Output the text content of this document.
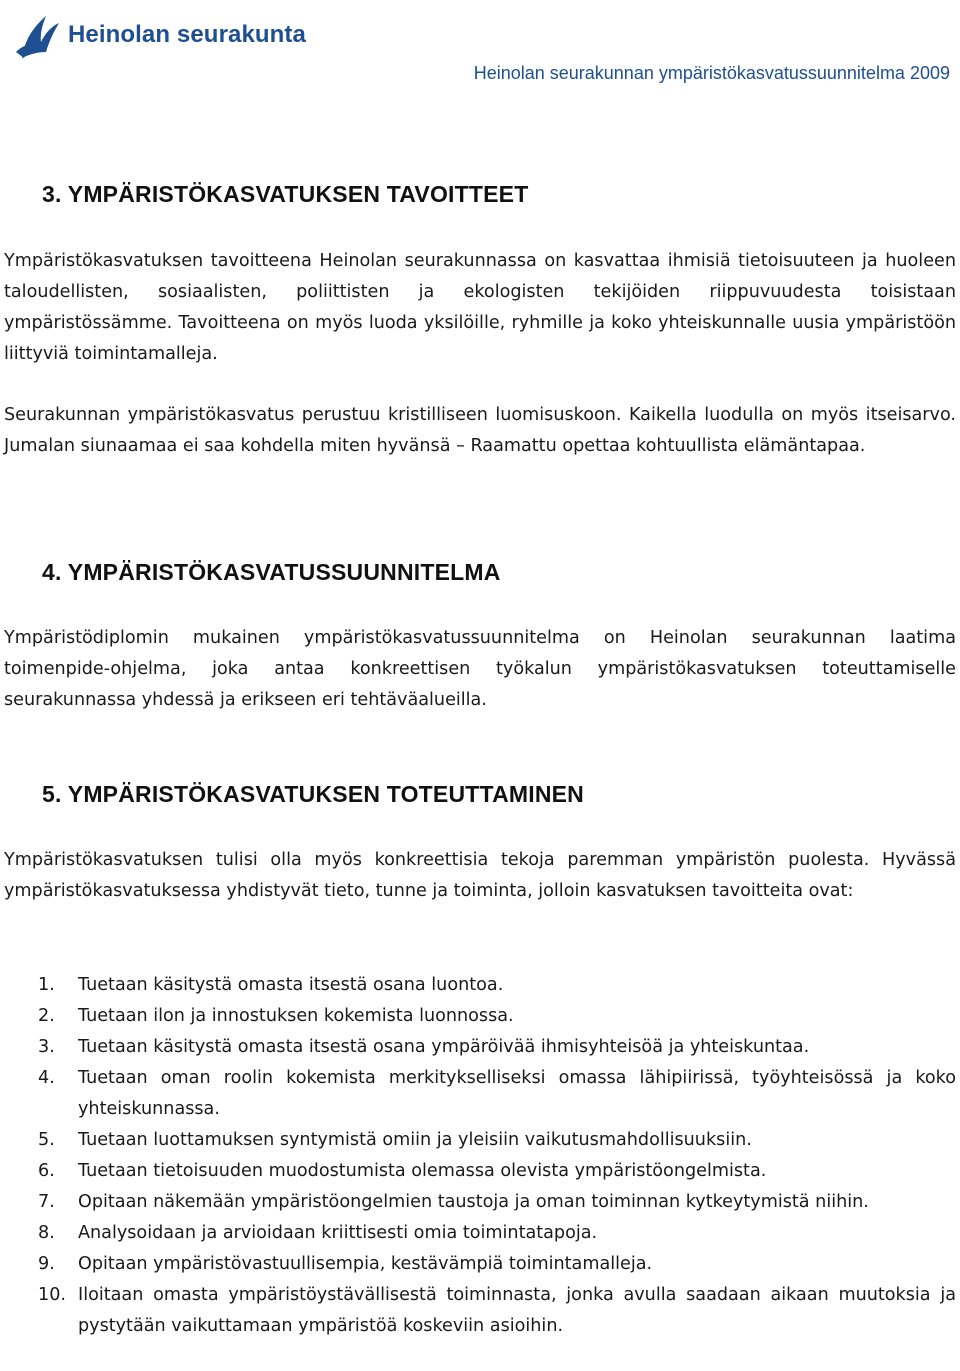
Heinolan seurakunta
Heinolan seurakunnan ympäristökasvatussuunnitelma 2009
3. YMPÄRISTÖKASVATUKSEN TAVOITTEET

Ympäristökasvatuksen tavoitteena Heinolan seurakunnassa on kasvattaa ihmisiä tietoisuuteen ja huoleen taloudellisten, sosiaalisten, poliittisten ja ekologisten tekijöiden riippuvuudesta toisistaan ympäristössämme. Tavoitteena on myös luoda yksilöille, ryhmille ja koko yhteiskunnalle uusia ympäristöön liittyviä toimintamalleja.

Seurakunnan ympäristökasvatus perustuu kristilliseen luomisuskoon. Kaikella luodulla on myös itseisarvo. Jumalan siunaamaa ei saa kohdella miten hyvänsä – Raamattu opettaa kohtuullista elämäntapaa.

4. YMPÄRISTÖKASVATUSSUUNNITELMA

Ympäristödiplomin mukainen ympäristökasvatussuunnitelma on Heinolan seurakunnan laatima toimenpide-ohjelma, joka antaa konkreettisen työkalun ympäristökasvatuksen toteuttamiselle seurakunnassa yhdessä ja erikseen eri tehtäväalueilla.

5. YMPÄRISTÖKASVATUKSEN TOTEUTTAMINEN

Ympäristökasvatuksen tulisi olla myös konkreettisia tekoja paremman ympäristön puolesta. Hyvässä ympäristökasvatuksessa yhdistyvät tieto, tunne ja toiminta, jolloin kasvatuksen tavoitteita ovat:

1. Tuetaan käsitystä omasta itsestä osana luontoa.
2. Tuetaan ilon ja innostuksen kokemista luonnossa.
3. Tuetaan käsitystä omasta itsestä osana ympäröivää ihmisyhteisöä ja yhteiskuntaa.
4. Tuetaan oman roolin kokemista merkitykselliseksi omassa lähipiirissä, työyhteisössä ja koko yhteiskunnassa.
5. Tuetaan luottamuksen syntymistä omiin ja yleisiin vaikutusmahdollisuuksiin.
6. Tuetaan tietoisuuden muodostumista olemassa olevista ympäristöongelmista.
7. Opitaan näkemään ympäristöongelmien taustoja ja oman toiminnan kytkeytymistä niihin.
8. Analysoidaan ja arvioidaan kriittisesti omia toimintatapoja.
9. Opitaan ympäristövastuullisempia, kestävämpiä toimintamalleja.
10. Iloitaan omasta ympäristöystävällisestä toiminnasta, jonka avulla saadaan aikaan muutoksia ja pystytään vaikuttamaan ympäristöä koskeviin asioihin.
